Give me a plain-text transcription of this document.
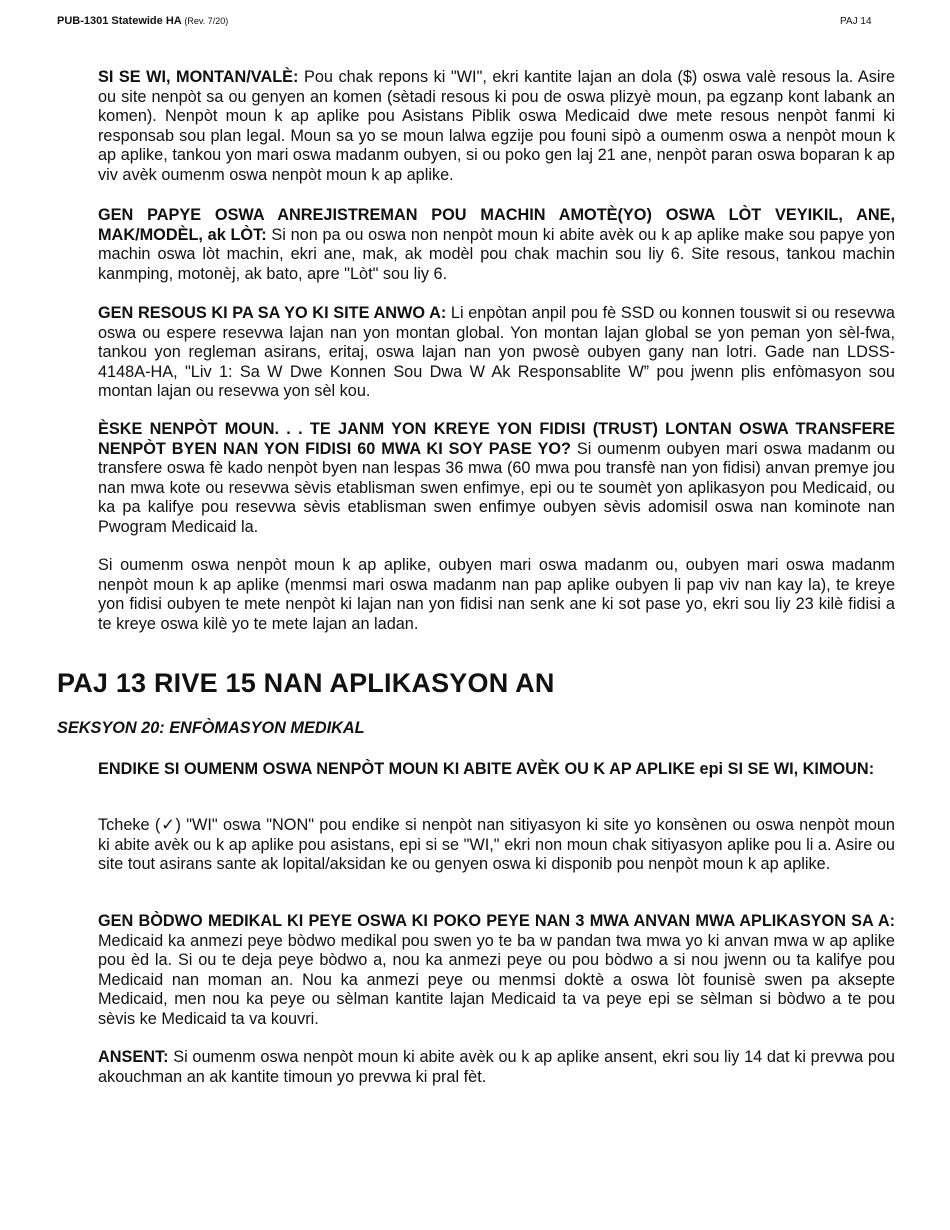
PUB-1301 Statewide HA (Rev. 7/20)	PAJ 14
SI SE WI, MONTAN/VALÈ: Pou chak repons ki "WI", ekri kantite lajan an dola ($) oswa valè resous la. Asire ou site nenpòt sa ou genyen an komen (sètadi resous ki pou de oswa plizyè moun, pa egzanp kont labank an komen). Nenpòt moun k ap aplike pou Asistans Piblik oswa Medicaid dwe mete resous nenpòt fanmi ki responsab sou plan legal. Moun sa yo se moun lalwa egzije pou founi sipò a oumenm oswa a nenpòt moun k ap aplike, tankou yon mari oswa madanm oubyen, si ou poko gen laj 21 ane, nenpòt paran oswa boparan k ap viv avèk oumenm oswa nenpòt moun k ap aplike.
GEN PAPYE OSWA ANREJISTREMAN POU MACHIN AMOTÈ(YO) OSWA LÒT VEYIKIL, ANE, MAK/MODÈL, ak LÒT: Si non pa ou oswa non nenpòt moun ki abite avèk ou k ap aplike make sou papye yon machin oswa lòt machin, ekri ane, mak, ak modèl pou chak machin sou liy 6. Site resous, tankou machin kanmping, motonèj, ak bato, apre "Lòt" sou liy 6.
GEN RESOUS KI PA SA YO KI SITE ANWO A: Li enpòtan anpil pou fè SSD ou konnen touswit si ou resevwa oswa ou espere resevwa lajan nan yon montan global. Yon montan lajan global se yon peman yon sèl-fwa, tankou yon regleman asirans, eritaj, oswa lajan nan yon pwosè oubyen gany nan lotri. Gade nan LDSS-4148A-HA, "Liv 1: Sa W Dwe Konnen Sou Dwa W Ak Responsablite W” pou jwenn plis enfòmasyon sou montan lajan ou resevwa yon sèl kou.
ÈSKE NENPÒT MOUN. . . TE JANM YON KREYE YON FIDISI (TRUST) LONTAN OSWA TRANSFERE NENPÒT BYEN NAN YON FIDISI 60 MWA KI SOY PASE YO? Si oumenm oubyen mari oswa madanm ou transfere oswa fè kado nenpòt byen nan lespas 36 mwa (60 mwa pou transfè nan yon fidisi) anvan premye jou nan mwa kote ou resevwa sèvis etablisman swen enfimye, epi ou te soumèt yon aplikasyon pou Medicaid, ou ka pa kalifye pou resevwa sèvis etablisman swen enfimye oubyen sèvis adomisil oswa nan kominote nan Pwogram Medicaid la.
Si oumenm oswa nenpòt moun k ap aplike, oubyen mari oswa madanm ou, oubyen mari oswa madanm nenpòt moun k ap aplike (menmsi mari oswa madanm nan pap aplike oubyen li pap viv nan kay la), te kreye yon fidisi oubyen te mete nenpòt ki lajan nan yon fidisi nan senk ane ki sot pase yo, ekri sou liy 23 kilè fidisi a te kreye oswa kilè yo te mete lajan an ladan.
PAJ 13 RIVE 15 NAN APLIKASYON AN
SEKSYON 20: ENFÒMASYON MEDIKAL
ENDIKE SI OUMENM OSWA NENPÒT MOUN KI ABITE AVÈK OU K AP APLIKE epi SI SE WI, KIMOUN:
Tcheke (✓) "WI" oswa "NON" pou endike si nenpòt nan sitiyasyon ki site yo konsènen ou oswa nenpòt moun ki abite avèk ou k ap aplike pou asistans, epi si se "WI," ekri non moun chak sitiyasyon aplike pou li a. Asire ou site tout asirans sante ak lopital/aksidan ke ou genyen oswa ki disponib pou nenpòt moun k ap aplike.
GEN BÒDWO MEDIKAL KI PEYE OSWA KI POKO PEYE NAN 3 MWA ANVAN MWA APLIKASYON SA A: Medicaid ka anmezi peye bòdwo medikal pou swen yo te ba w pandan twa mwa yo ki anvan mwa w ap aplike pou èd la. Si ou te deja peye bòdwo a, nou ka anmezi peye ou pou bòdwo a si nou jwenn ou ta kalifye pou Medicaid nan moman an. Nou ka anmezi peye ou menmsi doktè a oswa lòt founisè swen pa aksepte Medicaid, men nou ka peye ou sèlman kantite lajan Medicaid ta va peye epi se sèlman si bòdwo a te pou sèvis ke Medicaid ta va kouvri.
ANSENT: Si oumenm oswa nenpòt moun ki abite avèk ou k ap aplike ansent, ekri sou liy 14 dat ki prevwa pou akouchman an ak kantite timoun yo prevwa ki pral fèt.
